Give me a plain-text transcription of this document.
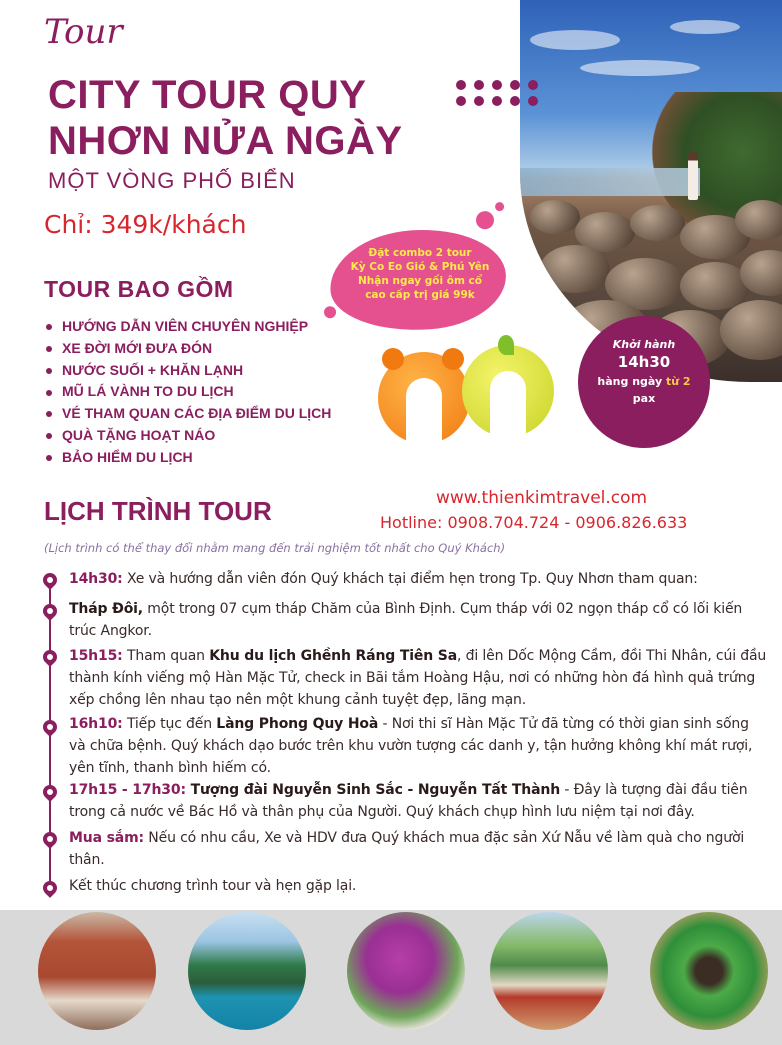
Khởi hành
14h30
hàng ngày từ 2
pax
Tour
CITY TOUR QUY
NHƠN NỬA NGÀY
MỘT VÒNG PHỐ BIỂN
Chỉ: 349k/khách
Đặt combo 2 tour
Kỳ Co Eo Gió & Phú Yên
Nhận ngay gối ôm cổ
cao cấp trị giá 99k
TOUR BAO GỒM
HƯỚNG DẪN VIÊN CHUYÊN NGHIỆP
XE ĐỜI MỚI ĐƯA ĐÓN
NƯỚC SUỐI + KHĂN LẠNH
MŨ LÁ VÀNH TO DU LỊCH
VÉ THAM QUAN CÁC ĐỊA ĐIỂM DU LỊCH
QUÀ TẶNG HOẠT NÁO
BẢO HIỂM DU LỊCH
LỊCH TRÌNH TOUR	www.thienkimtravel.com
Hotline: 0908.704.724 - 0906.826.633
(Lịch trình có thể thay đổi nhằm mang đến trải nghiệm tốt nhất cho Quý Khách)
14h30: Xe và hướng dẫn viên đón Quý khách tại điểm hẹn trong Tp. Quy Nhơn tham quan:
Tháp Đôi, một trong 07 cụm tháp Chăm của Bình Định. Cụm tháp với 02 ngọn tháp cổ có lối kiến trúc Angkor.
15h15: Tham quan Khu du lịch Ghềnh Ráng Tiên Sa, đi lên Dốc Mộng Cầm, đồi Thi Nhân, cúi đầu thành kính viếng mộ Hàn Mặc Tử, check in Bãi tắm Hoàng Hậu, nơi có những hòn đá hình quả trứng xếp chồng lên nhau tạo nên một khung cảnh tuyệt đẹp, lãng mạn.
16h10: Tiếp tục đến Làng Phong Quy Hoà - Nơi thi sĩ Hàn Mặc Tử đã từng có thời gian sinh sống và chữa bệnh. Quý khách dạo bước trên khu vườn tượng các danh y, tận hưởng không khí mát rượi, yên tĩnh, thanh bình hiếm có.
17h15 - 17h30: Tượng đài Nguyễn Sinh Sắc - Nguyễn Tất Thành - Đây là tượng đài đầu tiên trong cả nước về Bác Hồ và thân phụ của Người. Quý khách chụp hình lưu niệm tại nơi đây.
Mua sắm: Nếu có nhu cầu, Xe và HDV đưa Quý khách mua đặc sản Xứ Nẫu về làm quà cho người thân.
Kết thúc chương trình tour và hẹn gặp lại.
